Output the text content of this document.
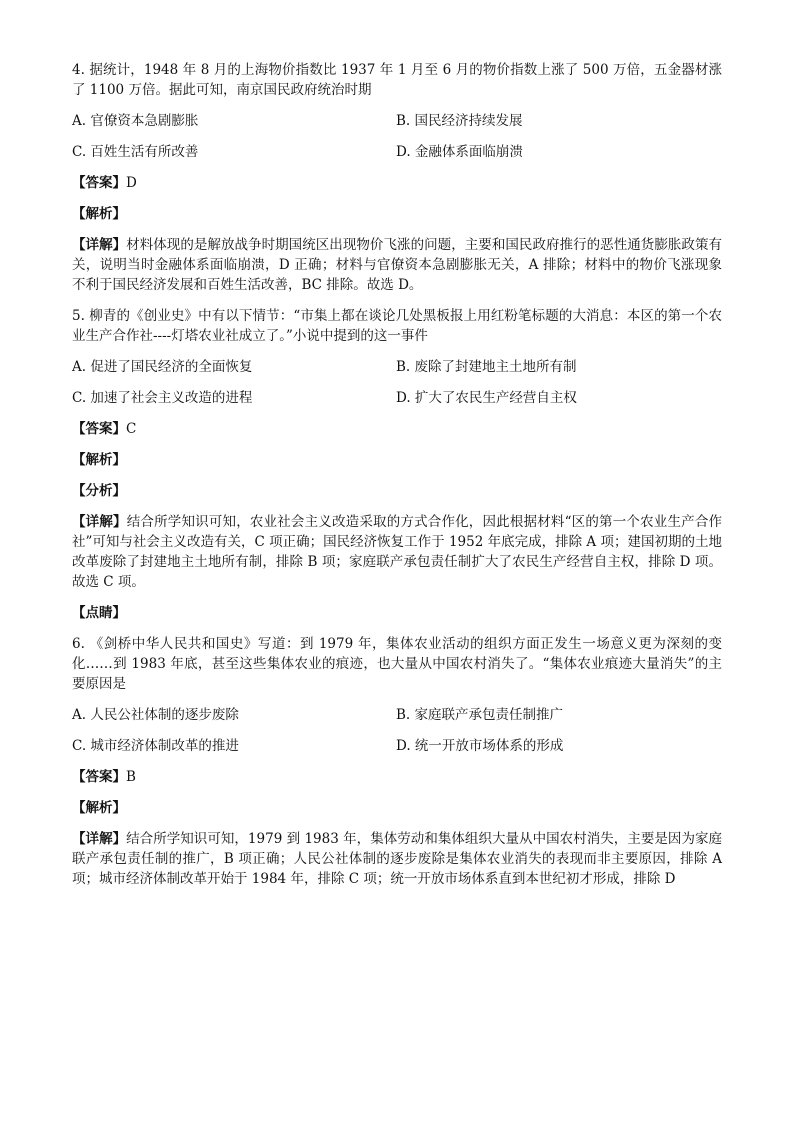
4. 据统计，1948 年 8 月的上海物价指数比 1937 年 1 月至 6 月的物价指数上涨了 500 万倍，五金器材涨了 1100 万倍。据此可知，南京国民政府统治时期

A. 官僚资本急剧膨胀	B. 国民经济持续发展
C. 百姓生活有所改善	D. 金融体系面临崩溃
【答案】D
【解析】

【详解】材料体现的是解放战争时期国统区出现物价飞涨的问题，主要和国民政府推行的恶性通货膨胀政策有关，说明当时金融体系面临崩溃，D 正确；材料与官僚资本急剧膨胀无关，A 排除；材料中的物价飞涨现象不利于国民经济发展和百姓生活改善，BC 排除。故选 D。

5. 柳青的《创业史》中有以下情节：“市集上都在谈论几处黑板报上用红粉笔标题的大消息：本区的第一个农业生产合作社----灯塔农业社成立了。”小说中提到的这一事件

A. 促进了国民经济的全面恢复	B. 废除了封建地主土地所有制
C. 加速了社会主义改造的进程	D. 扩大了农民生产经营自主权
【答案】C
【解析】
【分析】

【详解】结合所学知识可知，农业社会主义改造采取的方式合作化，因此根据材料“区的第一个农业生产合作社”可知与社会主义改造有关，C 项正确；国民经济恢复工作于 1952 年底完成，排除 A 项；建国初期的土地改革废除了封建地主土地所有制，排除 B 项；家庭联产承包责任制扩大了农民生产经营自主权，排除 D 项。故选 C 项。

【点睛】

6. 《剑桥中华人民共和国史》写道：到 1979 年，集体农业活动的组织方面正发生一场意义更为深刻的变化……到 1983 年底，甚至这些集体农业的痕迹，也大量从中国农村消失了。“集体农业痕迹大量消失”的主要原因是

A. 人民公社体制的逐步废除	B. 家庭联产承包责任制推广
C. 城市经济体制改革的推进	D. 统一开放市场体系的形成
【答案】B
【解析】

【详解】结合所学知识可知，1979 到 1983 年，集体劳动和集体组织大量从中国农村消失，主要是因为家庭联产承包责任制的推广，B 项正确；人民公社体制的逐步废除是集体农业消失的表现而非主要原因，排除 A 项；城市经济体制改革开始于 1984 年，排除 C 项；统一开放市场体系直到本世纪初才形成，排除 D
